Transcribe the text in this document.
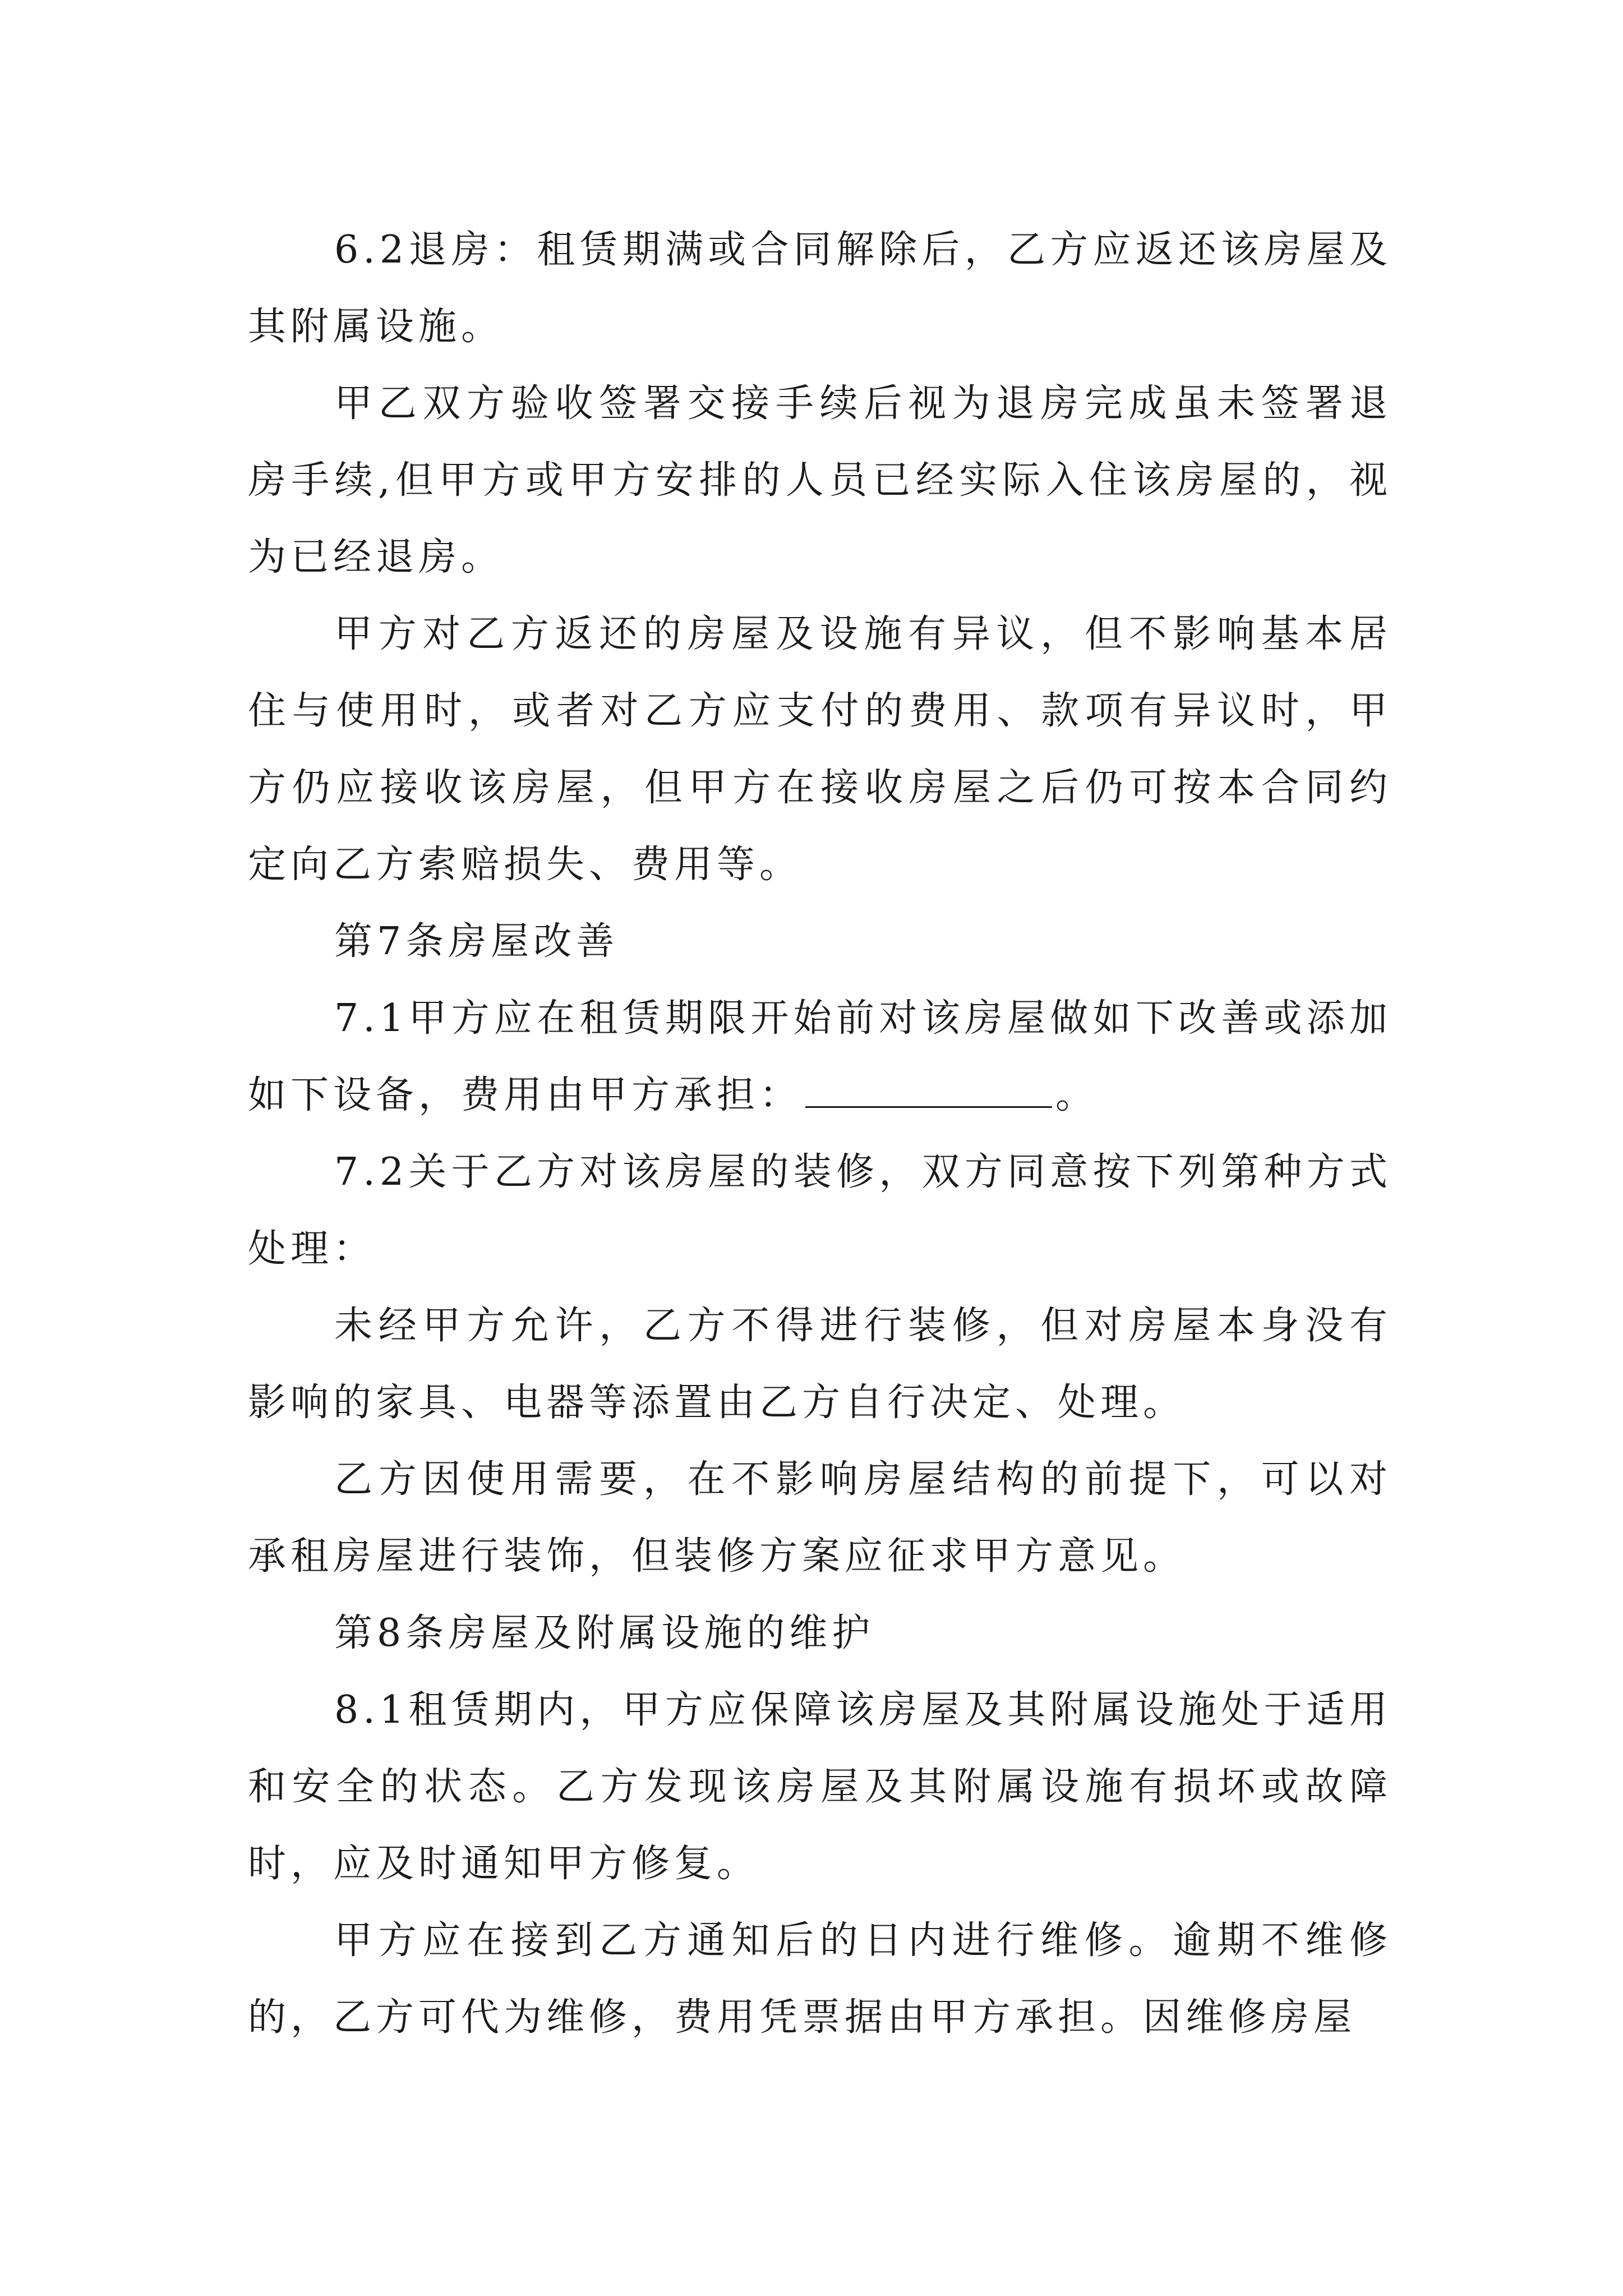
6.2退房：租赁期满或合同解除后，乙方应返还该房屋及其附属设施。

甲乙双方验收签署交接手续后视为退房完成虽未签署退房手续,但甲方或甲方安排的人员已经实际入住该房屋的，视为已经退房。

甲方对乙方返还的房屋及设施有异议，但不影响基本居住与使用时，或者对乙方应支付的费用、款项有异议时，甲方仍应接收该房屋，但甲方在接收房屋之后仍可按本合同约定向乙方索赔损失、费用等。

第7条房屋改善

7.1甲方应在租赁期限开始前对该房屋做如下改善或添加如下设备，费用由甲方承担：	。

7.2关于乙方对该房屋的装修，双方同意按下列第种方式处理：

未经甲方允许，乙方不得进行装修，但对房屋本身没有影响的家具、电器等添置由乙方自行决定、处理。

乙方因使用需要，在不影响房屋结构的前提下，可以对承租房屋进行装饰，但装修方案应征求甲方意见。

第8条房屋及附属设施的维护

8.1租赁期内，甲方应保障该房屋及其附属设施处于适用和安全的状态。乙方发现该房屋及其附属设施有损坏或故障时，应及时通知甲方修复。

甲方应在接到乙方通知后的日内进行维修。逾期不维修的，乙方可代为维修，费用凭票据由甲方承担。因维修房屋
